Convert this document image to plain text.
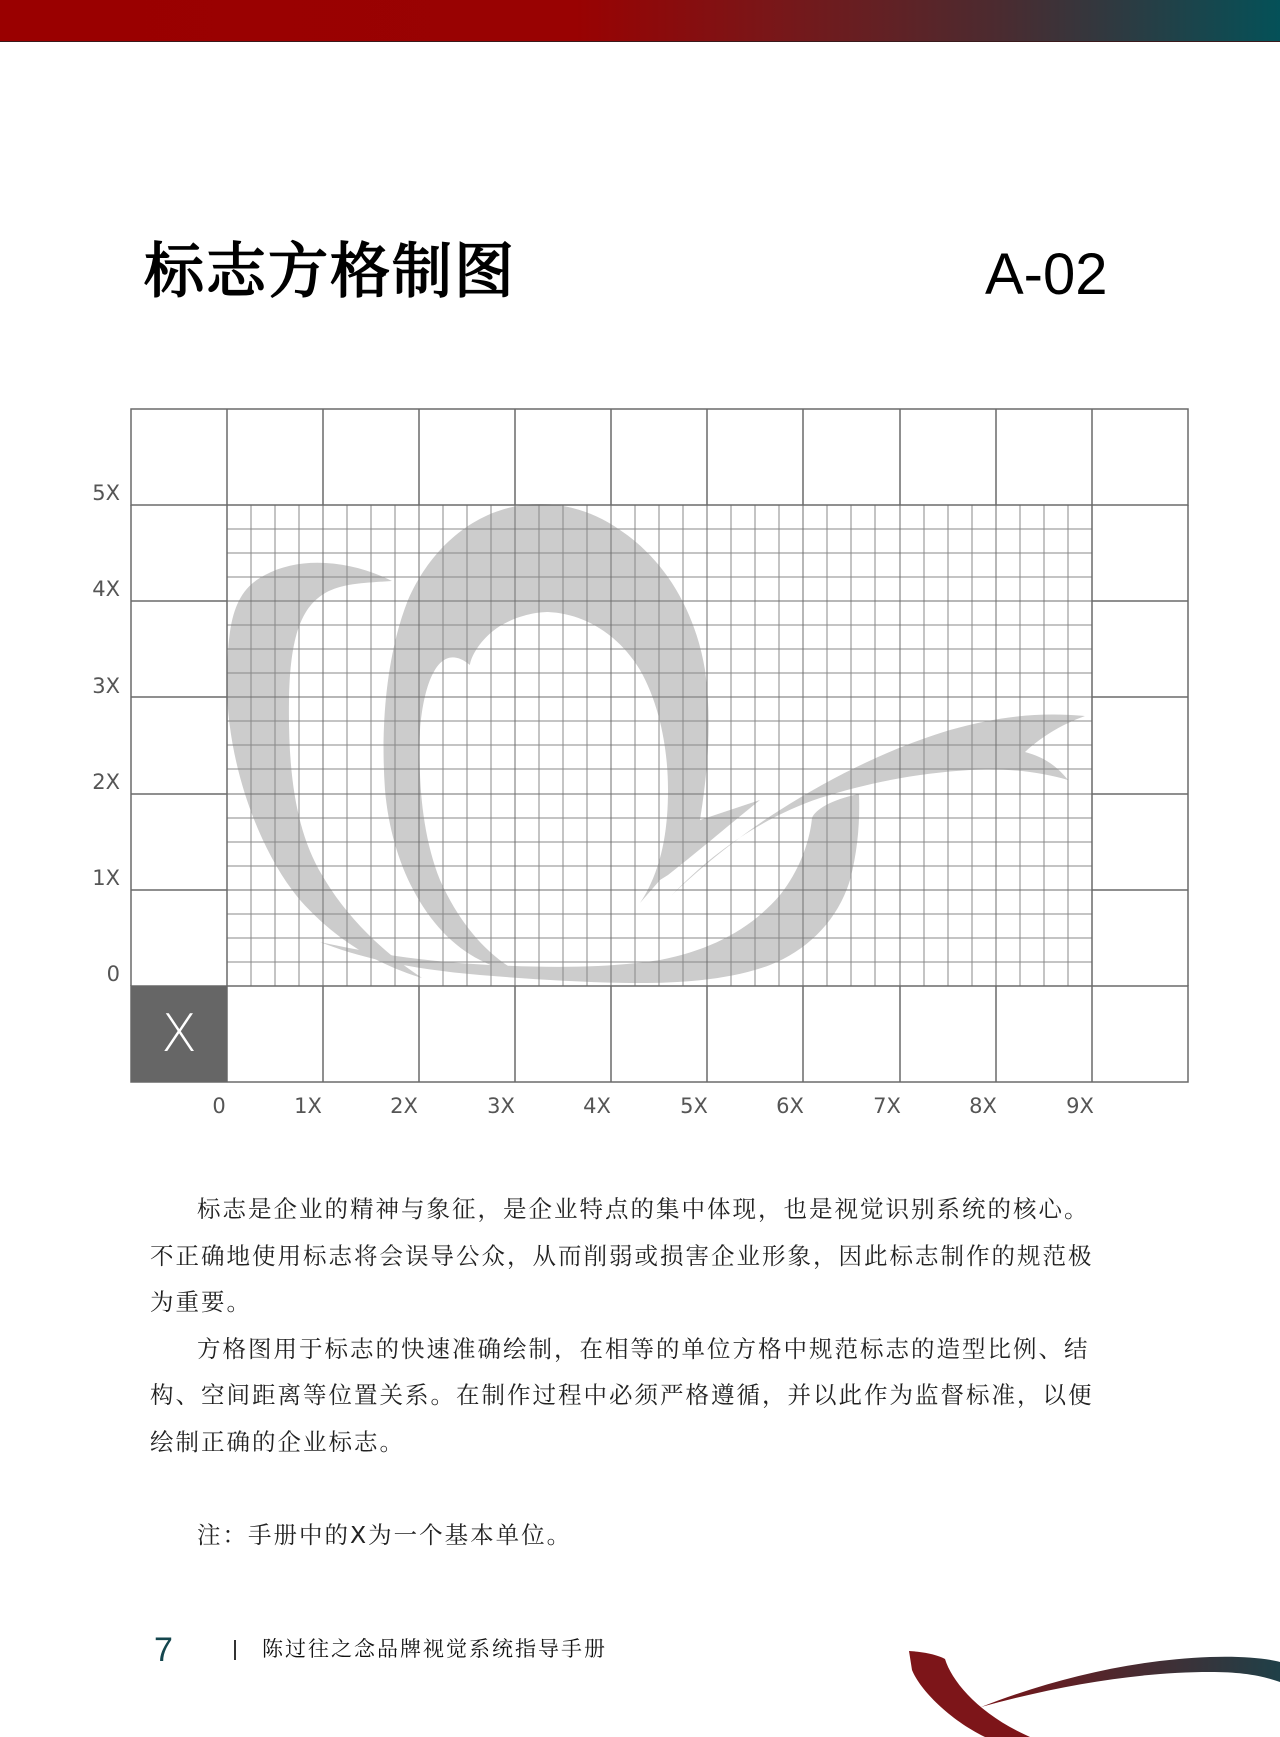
标志方格制图	A-02
X
5X
4X
3X
2X
1X
0
0	1X	2X	3X	4X	5X	6X	7X	8X	9X

标志是企业的精神与象征，是企业特点的集中体现，也是视觉识别系统的核心。不正确地使用标志将会误导公众，从而削弱或损害企业形象，因此标志制作的规范极为重要。

方格图用于标志的快速准确绘制，在相等的单位方格中规范标志的造型比例、结构、空间距离等位置关系。在制作过程中必须严格遵循，并以此作为监督标准，以便绘制正确的企业标志。

注：手册中的X为一个基本单位。
7	陈过往之念品牌视觉系统指导手册
